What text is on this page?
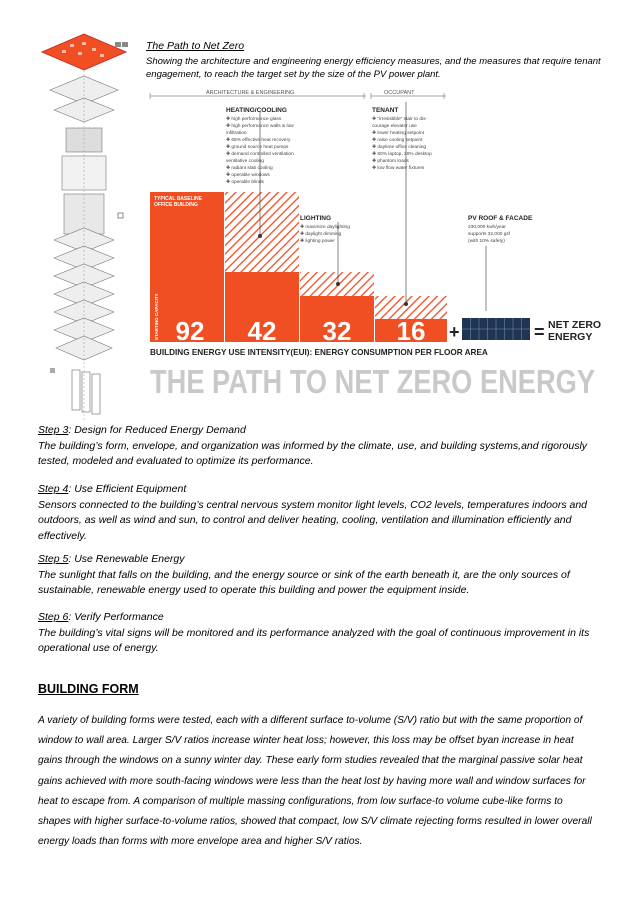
The Path to Net Zero
Showing the architecture and engineering energy efficiency measures, and the measures that require tenant engagement, to reach the target set by the size of the PV power plant.
ARCHITECTURE & ENGINEERING	OCCUPANT
TYPICAL BASELINE
OFFICE BUILDING
STARTING CAPACITY 92 42 32 16 +	= NET ZERO
ENERGY
BUILDING ENERGY USE INTENSITY(EUI): ENERGY CONSUMPTION PER FLOOR AREA
THE PATH TO NET ZERO ENERGY
HEATING/COOLING
✚ high performance glass
✚ high performance walls & low
infiltration
✚ 65% effective heat recovery
✚ ground source heat pumps
✚ demand controlled ventilation
ventilative cooling
✚ radiant slab cooling
✚ operable windows
✚ operable blinds
TENANT
✚ "irresistible" stair to dis-
courage elevator use
✚ lower heating setpoint
✚ raise cooling setpoint
✚ daytime office cleaning
✚ 80% laptop, 20% desktop
✚ phantom loads
✚ low flow water fixtures
LIGHTING
✚ maximize daylighting
✚ daylight dimming
✚ lighting power
PV ROOF & FACADE
230,000 kwh/year
supports 32,000 gsf
(with 10% safety)
Step 3: Design for Reduced Energy Demand
The building’s form, envelope, and organization was informed by the climate, use, and building systems,and rigorously tested, modeled and evaluated to optimize its performance.
Step 4: Use Efficient Equipment
Sensors connected to the building’s central nervous system monitor light levels, CO2 levels, temperatures indoors and outdoors, as well as wind and sun, to control and deliver heating, cooling, ventilation and illumination efficiently and effectively.
Step 5: Use Renewable Energy
The sunlight that falls on the building, and the energy source or sink of the earth beneath it, are the only sources of sustainable, renewable energy used to operate this building and power the equipment inside.
Step 6: Verify Performance
The building’s vital signs will be monitored and its performance analyzed with the goal of continuous improvement in its operational use of energy.
BUILDING FORM
A variety of building forms were tested, each with a different surface to-volume (S/V) ratio but with the same proportion of window to wall area. Larger S/V ratios increase winter heat loss; however, this loss may be offset byan increase in heat gains through the windows on a sunny winter day. These early form studies revealed that the marginal passive solar heat gains achieved with more south-facing windows were less than the heat lost by having more wall and window surfaces for heat to escape from. A comparison of multiple massing configurations, from low surface-to volume cube-like forms to shapes with higher surface-to-volume ratios, showed that compact, low S/V climate rejecting forms resulted in lower overall energy loads than forms with more envelope area and higher S/V ratios.
